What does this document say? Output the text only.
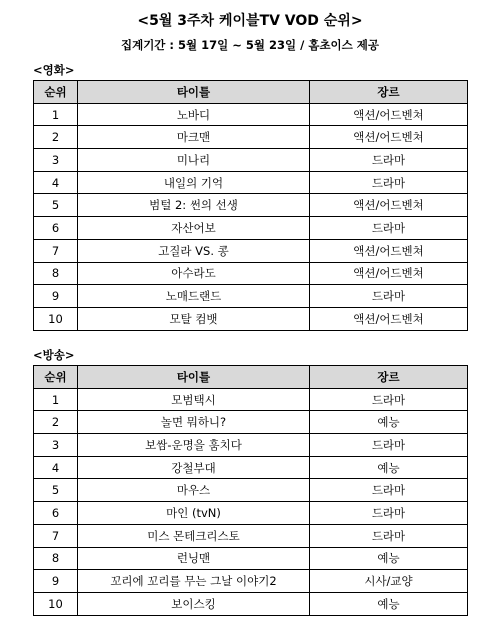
<5월 3주차 케이블TV VOD 순위>
집계기간 : 5월 17일 ~ 5월 23일 / 홈초이스 제공
<영화>
순위	타이틀	장르
1	노바디	액션/어드벤쳐
2	마크맨	액션/어드벤쳐
3	미나리	드라마
4	내일의 기억	드라마
5	범털 2: 썬의 선생	액션/어드벤쳐
6	자산어보	드라마
7	고질라 VS. 콩	액션/어드벤쳐
8	아수라도	액션/어드벤쳐
9	노매드랜드	드라마
10	모탈 컴뱃	액션/어드벤쳐
<방송>
순위	타이틀	장르
1	모범택시	드라마
2	놀면 뭐하니?	예능
3	보쌈-운명을 훔치다	드라마
4	강철부대	예능
5	마우스	드라마
6	마인 (tvN)	드라마
7	미스 몬테크리스토	드라마
8	런닝맨	예능
9	꼬리에 꼬리를 무는 그날 이야기2	시사/교양
10	보이스킹	예능
